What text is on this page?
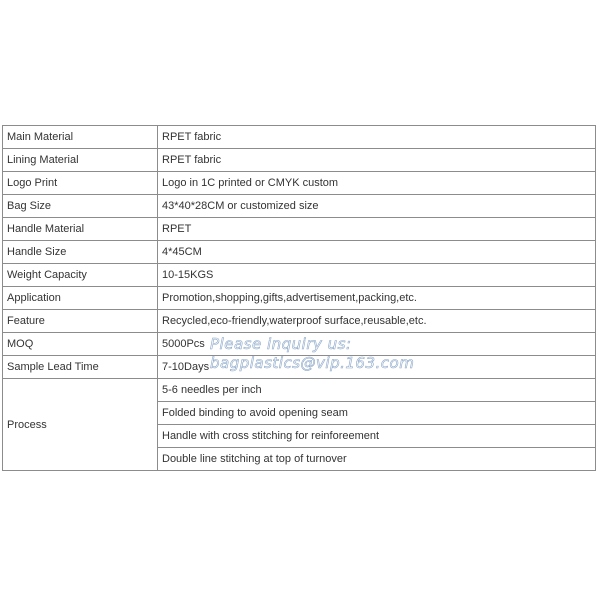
Main Material	RPET fabric
Lining Material	RPET fabric
Logo Print	Logo in 1C printed or CMYK custom
Bag Size	43*40*28CM or customized size
Handle Material	RPET
Handle Size	4*45CM
Weight Capacity	10-15KGS
Application	Promotion,shopping,gifts,advertisement,packing,etc.
Feature	Recycled,eco-friendly,waterproof surface,reusable,etc.
MOQ	5000Pcs
Sample Lead Time	7-10Days
Process	5-6 needles per inch
	Folded binding to avoid opening seam
	Handle with cross stitching for reinforeement
	Double line stitching at top of turnover
Please inquiry us:
bagplastics@vip.163.com
